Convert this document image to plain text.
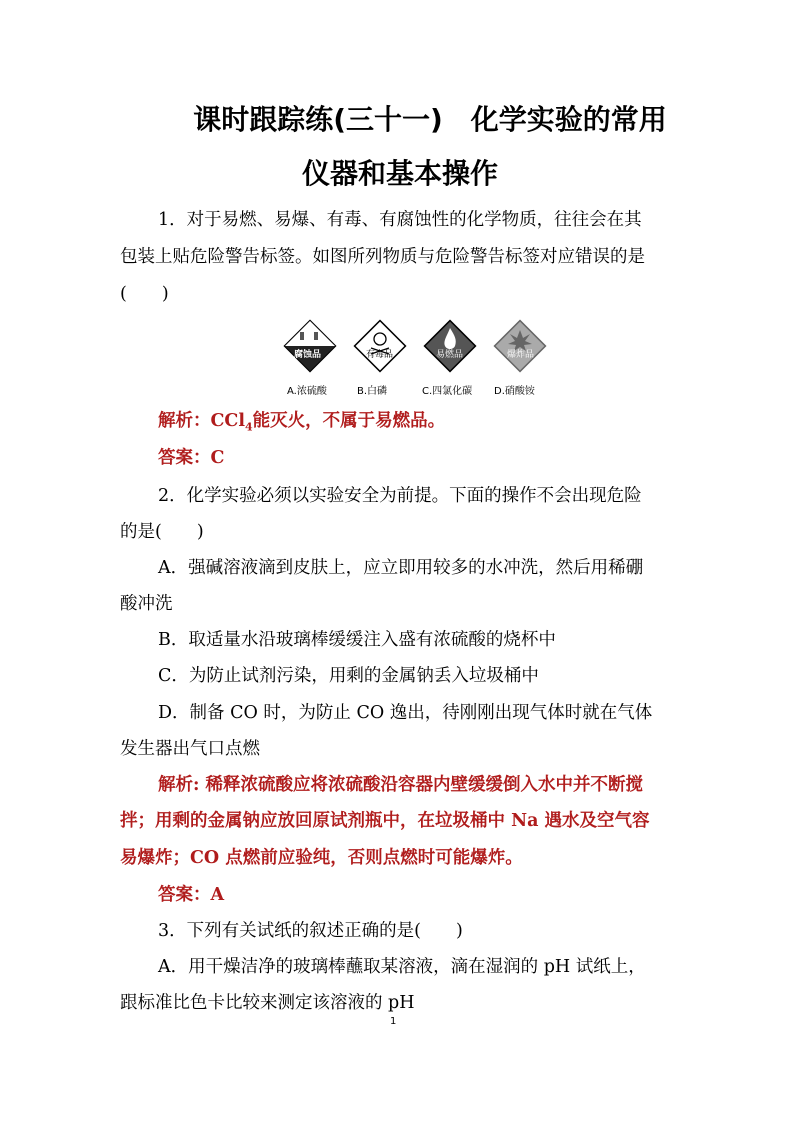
课时跟踪练(三十一)　化学实验的常用
仪器和基本操作
1．对于易燃、易爆、有毒、有腐蚀性的化学物质，往往会在其
包装上贴危险警告标签。如图所列物质与危险警告标签对应错误的是
(　　)
腐蚀品	有毒品	易燃品	爆炸品
A.浓硫酸	B.白磷	C.四氯化碳 D.硝酸铵
解析：CCl$_4$能灭火，不属于易燃品。
答案：C
2．化学实验必须以实验安全为前提。下面的操作不会出现危险
的是(　　)
A．强碱溶液滴到皮肤上，应立即用较多的水冲洗，然后用稀硼
酸冲洗
B．取适量水沿玻璃棒缓缓注入盛有浓硫酸的烧杯中
C．为防止试剂污染，用剩的金属钠丢入垃圾桶中
D．制备 CO 时，为防止 CO 逸出，待刚刚出现气体时就在气体
发生器出气口点燃
解析: 稀释浓硫酸应将浓硫酸沿容器内壁缓缓倒入水中并不断搅
拌；用剩的金属钠应放回原试剂瓶中，在垃圾桶中 Na 遇水及空气容
易爆炸；CO 点燃前应验纯，否则点燃时可能爆炸。
答案：A
3．下列有关试纸的叙述正确的是(　　)
A．用干燥洁净的玻璃棒蘸取某溶液，滴在湿润的 pH 试纸上，
跟标准比色卡比较来测定该溶液的 pH
1
